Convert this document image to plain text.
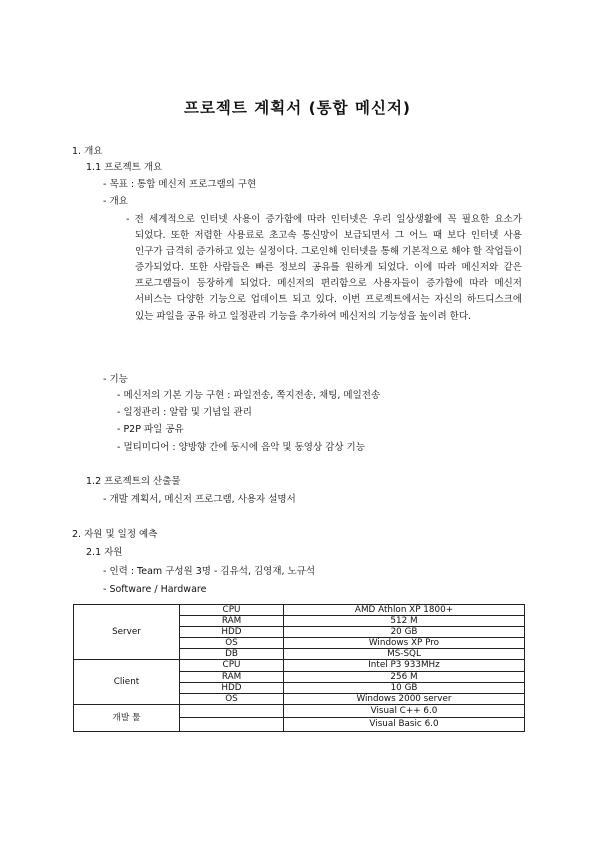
프로젝트 계획서 (통합 메신저)
1. 개요
1.1 프로젝트 개요
- 목표 : 통합 메신저 프로그램의 구현
- 개요
- 전 세계적으로 인터넷 사용이 증가함에 따라 인터넷은 우리 일상생활에 꼭 필요한 요소가 되었다. 또한 저렴한 사용료로 초고속 통신망이 보급되면서 그 어느 때 보다 인터넷 사용 인구가 급격히 증가하고 있는 실정이다. 그로인해 인터넷을 통해 기본적으로 해야 할 작업들이 증가되었다. 또한 사람들은 빠른 정보의 공유를 원하게 되었다. 이에 따라 메신저와 같은 프로그램들이 등장하게 되었다. 메신저의 편리함으로 사용자들이 증가함에 따라 메신저 서비스는 다양한 기능으로 업데이트 되고 있다. 이번 프로젝트에서는 자신의 하드디스크에 있는 파일을 공유 하고 일정관리 기능을 추가하여 메신저의 기능성을 높이려 한다.
- 기능
- 메신저의 기본 기능 구현 : 파일전송, 쪽지전송, 채팅, 메일전송
- 일정관리 : 알람 및 기념일 관리
- P2P 파일 공유
- 멀티미디어 : 양방향 간에 동시에 음악 및 동영상 감상 기능
1.2 프로젝트의 산출물
- 개발 계획서, 메신저 프로그램, 사용자 설명서
2. 자원 및 일정 예측
2.1 자원
- 인력 : Team 구성원 3명 - 김유석, 김영재, 노규석
- Software / Hardware
Server	CPU	AMD Athlon XP 1800+
	RAM	512 M
	HDD	20 GB
	OS	Windows XP Pro
	DB	MS-SQL
Client	CPU	Intel P3 933MHz
	RAM	256 M
	HDD	10 GB
	OS	Windows 2000 server
개발 툴		Visual C++ 6.0
		Visual Basic 6.0
